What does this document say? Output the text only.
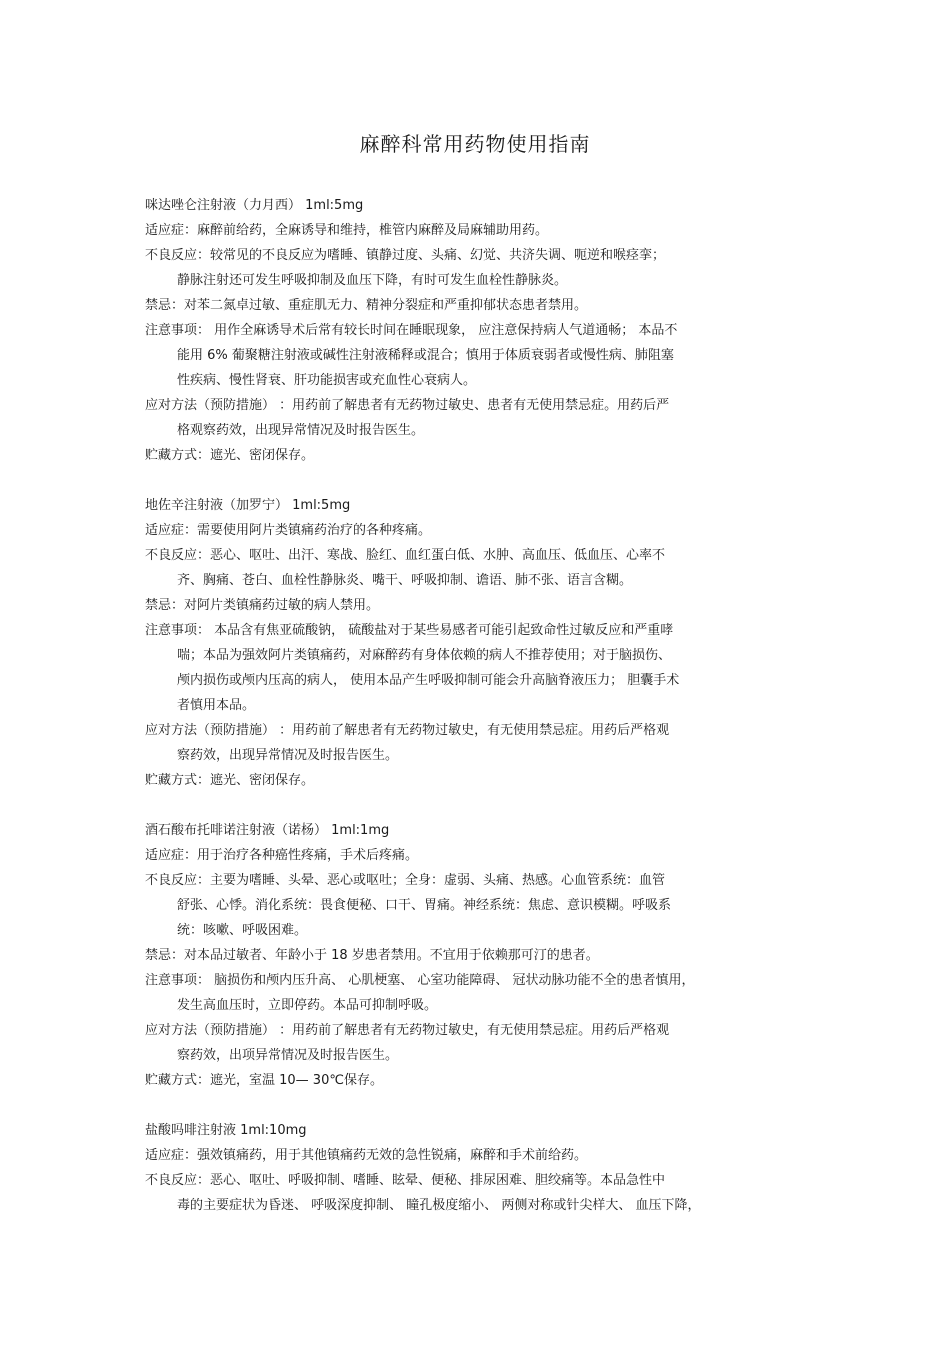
麻醉科常用药物使用指南
咪达唑仑注射液（力月西） 1ml:5mg
适应症：麻醉前给药，全麻诱导和维持，椎管内麻醉及局麻辅助用药。
不良反应：较常见的不良反应为嗜睡、镇静过度、头痛、幻觉、共济失调、呃逆和喉痉挛；
静脉注射还可发生呼吸抑制及血压下降，有时可发生血栓性静脉炎。
禁忌：对苯二氮卓过敏、重症肌无力、精神分裂症和严重抑郁状态患者禁用。
注意事项： 用作全麻诱导术后常有较长时间在睡眠现象， 应注意保持病人气道通畅； 本品不
能用 6% 葡聚糖注射液或碱性注射液稀释或混合；慎用于体质衰弱者或慢性病、肺阻塞
性疾病、慢性肾衰、肝功能损害或充血性心衰病人。
应对方法（预防措施） ：用药前了解患者有无药物过敏史、患者有无使用禁忌症。用药后严
格观察药效，出现异常情况及时报告医生。
贮藏方式：遮光、密闭保存。
地佐辛注射液（加罗宁） 1ml:5mg
适应症：需要使用阿片类镇痛药治疗的各种疼痛。
不良反应：恶心、呕吐、出汗、寒战、脸红、血红蛋白低、水肿、高血压、低血压、心率不
齐、胸痛、苍白、血栓性静脉炎、嘴干、呼吸抑制、谵语、肺不张、语言含糊。
禁忌：对阿片类镇痛药过敏的病人禁用。
注意事项： 本品含有焦亚硫酸钠， 硫酸盐对于某些易感者可能引起致命性过敏反应和严重哮
喘；本品为强效阿片类镇痛药，对麻醉药有身体依赖的病人不推荐使用；对于脑损伤、
颅内损伤或颅内压高的病人， 使用本品产生呼吸抑制可能会升高脑脊液压力； 胆囊手术
者慎用本品。
应对方法（预防措施） ：用药前了解患者有无药物过敏史，有无使用禁忌症。用药后严格观
察药效，出现异常情况及时报告医生。
贮藏方式：遮光、密闭保存。
酒石酸布托啡诺注射液（诺杨） 1ml:1mg
适应症：用于治疗各种癌性疼痛，手术后疼痛。
不良反应：主要为嗜睡、头晕、恶心或呕吐；全身：虚弱、头痛、热感。心血管系统：血管
舒张、心悸。消化系统：畏食便秘、口干、胃痛。神经系统：焦虑、意识模糊。呼吸系
统：咳嗽、呼吸困难。
禁忌：对本品过敏者、年龄小于 18 岁患者禁用。不宜用于依赖那可汀的患者。
注意事项： 脑损伤和颅内压升高、 心肌梗塞、 心室功能障碍、 冠状动脉功能不全的患者慎用，
发生高血压时，立即停药。本品可抑制呼吸。
应对方法（预防措施） ：用药前了解患者有无药物过敏史，有无使用禁忌症。用药后严格观
察药效，出项异常情况及时报告医生。
贮藏方式：遮光，室温 10— 30℃保存。
盐酸吗啡注射液 1ml:10mg
适应症：强效镇痛药，用于其他镇痛药无效的急性锐痛，麻醉和手术前给药。
不良反应：恶心、呕吐、呼吸抑制、嗜睡、眩晕、便秘、排尿困难、胆绞痛等。本品急性中
毒的主要症状为昏迷、 呼吸深度抑制、 瞳孔极度缩小、 两侧对称或针尖样大、 血压下降，
